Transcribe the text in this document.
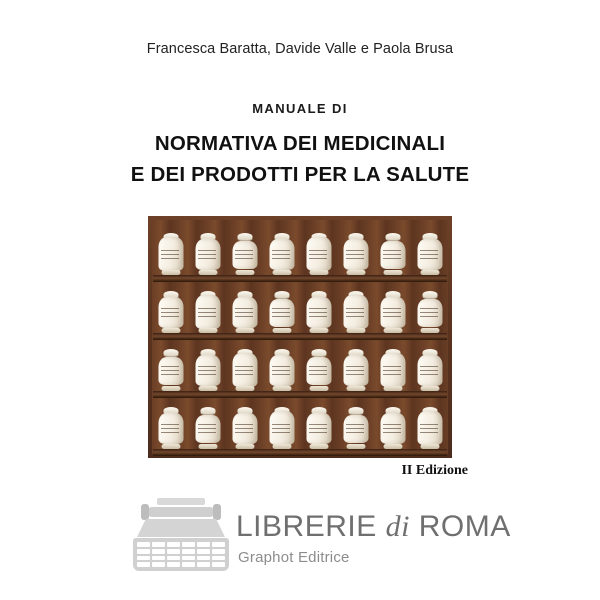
Francesca Baratta, Davide Valle e Paola Brusa
MANUALE DI
NORMATIVA DEI MEDICINALI
E DEI PRODOTTI PER LA SALUTE
II Edizione
LIBRERIE di ROMA
Graphot Editrice
